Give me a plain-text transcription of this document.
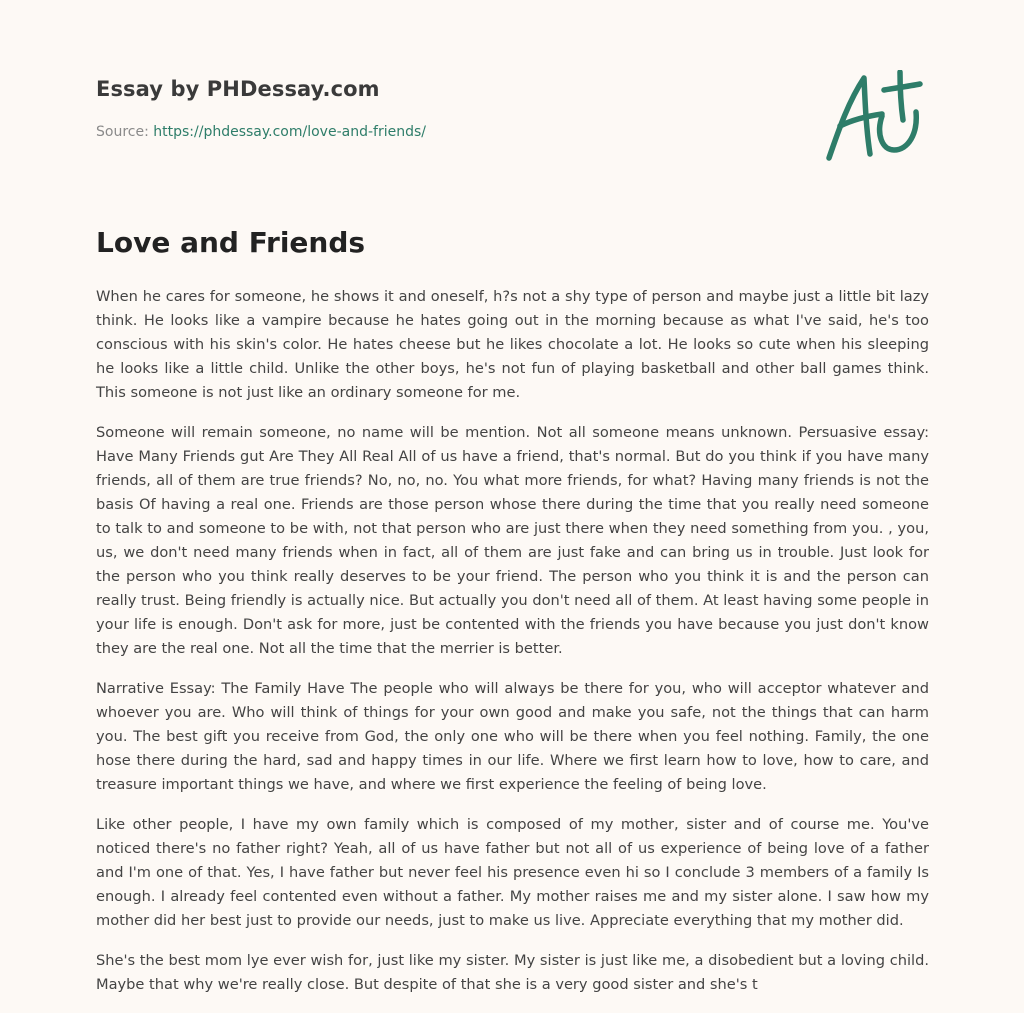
Essay by PHDessay.com
Source: https://phdessay.com/love-and-friends/
Love and Friends

When he cares for someone, he shows it and oneself, h?s not a shy type of person and maybe just a little bit lazy think. He looks like a vampire because he hates going out in the morning because as what I've said, he's too conscious with his skin's color. He hates cheese but he likes chocolate a lot. He looks so cute when his sleeping he looks like a little child. Unlike the other boys, he's not fun of playing basketball and other ball games think. This someone is not just like an ordinary someone for me.

Someone will remain someone, no name will be mention. Not all someone means unknown. Persuasive essay: Have Many Friends gut Are They All Real All of us have a friend, that's normal. But do you think if you have many friends, all of them are true friends? No, no, no. You what more friends, for what? Having many friends is not the basis Of having a real one. Friends are those person whose there during the time that you really need someone to talk to and someone to be with, not that person who are just there when they need something from you. , you, us, we don't need many friends when in fact, all of them are just fake and can bring us in trouble. Just look for the person who you think really deserves to be your friend. The person who you think it is and the person can really trust. Being friendly is actually nice. But actually you don't need all of them. At least having some people in your life is enough. Don't ask for more, just be contented with the friends you have because you just don't know they are the real one. Not all the time that the merrier is better.

Narrative Essay: The Family Have The people who will always be there for you, who will acceptor whatever and whoever you are. Who will think of things for your own good and make you safe, not the things that can harm you. The best gift you receive from God, the only one who will be there when you feel nothing. Family, the one hose there during the hard, sad and happy times in our life. Where we first learn how to love, how to care, and treasure important things we have, and where we first experience the feeling of being love.

Like other people, I have my own family which is composed of my mother, sister and of course me. You've noticed there's no father right? Yeah, all of us have father but not all of us experience of being love of a father and I'm one of that. Yes, I have father but never feel his presence even hi so I conclude 3 members of a family Is enough. I already feel contented even without a father. My mother raises me and my sister alone. I saw how my mother did her best just to provide our needs, just to make us live. Appreciate everything that my mother did.

She's the best mom lye ever wish for, just like my sister. My sister is just like me, a disobedient but a loving child. Maybe that why we're really close. But despite of that she is a very good sister and she's t
